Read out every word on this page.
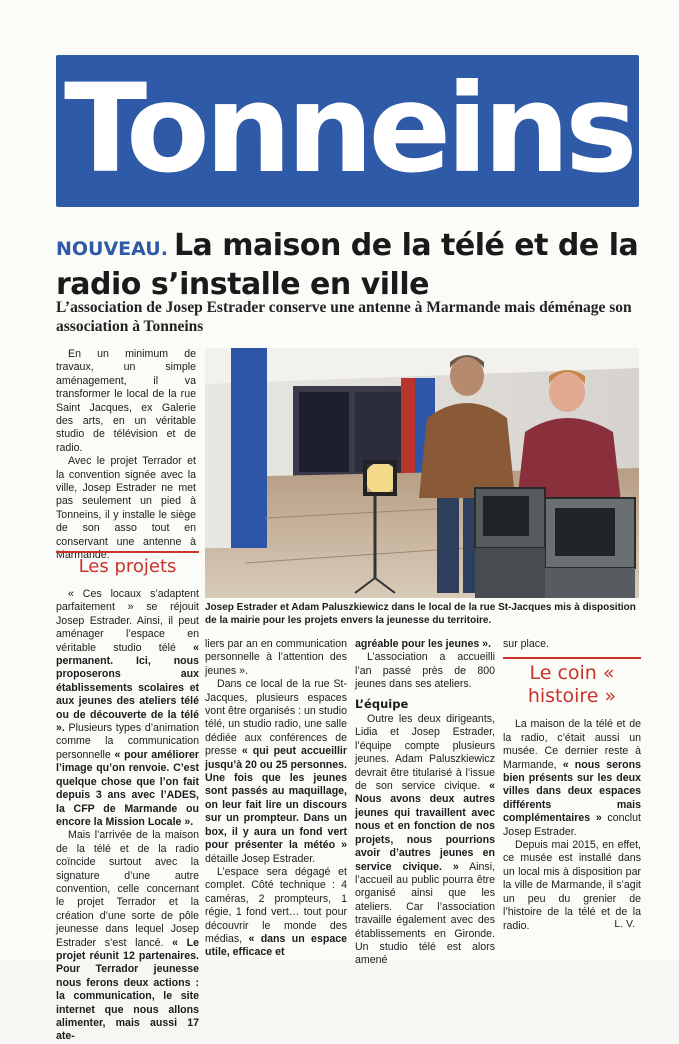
Tonneins
NOUVEAU. La maison de la télé et de la radio s’installe en ville
L’association de Josep Estrader conserve une antenne à Marmande mais déménage son association à Tonneins

En un minimum de travaux, un simple aménagement, il va transformer le local de la rue Saint Jacques, ex Galerie des arts, en un véritable studio de télévision et de radio.

Avec le projet Terrador et la convention signée avec la ville, Josep Estrader ne met pas seulement un pied à Tonneins, il y installe le siège de son asso tout en conservant une antenne à Marmande.

Les projets

« Ces locaux s’adaptent parfaitement » se réjouit Josep Estrader. Ainsi, il peut aménager l’espace en véritable studio télé « permanent. Ici, nous proposerons aux établissements scolaires et aux jeunes des ateliers télé ou de découverte de la télé ». Plusieurs types d’animation comme la communication personnelle « pour améliorer l’image qu’on renvoie. C’est quelque chose que l’on fait depuis 3 ans avec l’ADES, la CFP de Marmande ou encore la Mission Locale ».

Mais l’arrivée de la maison de la télé et de la radio coïncide surtout avec la signature d’une autre convention, celle concernant le projet Terrador et la création d’une sorte de pôle jeunesse dans lequel Josep Estrader s’est lancé. « Le projet réunit 12 partenaires. Pour Terrador jeunesse nous ferons deux actions : la communication, le site internet que nous allons alimenter, mais aussi 17 ate-

Josep Estrader et Adam Paluszkiewicz dans le local de la rue St-Jacques mis à disposition de la mairie pour les projets envers la jeunesse du territoire.

liers par an en communication personnelle à l’attention des jeunes ».

Dans ce local de la rue St-Jacques, plusieurs espaces vont être organisés : un studio télé, un studio radio, une salle dédiée aux conférences de presse « qui peut accueillir jusqu’à 20 ou 25 personnes. Une fois que les jeunes sont passés au maquillage, on leur fait lire un discours sur un prompteur. Dans un box, il y aura un fond vert pour présenter la météo » détaille Josep Estrader.

L’espace sera dégagé et complet. Côté technique : 4 caméras, 2 prompteurs, 1 régie, 1 fond vert… tout pour découvrir le monde des médias, « dans un espace utile, efficace et

agréable pour les jeunes ».

L’association a accueilli l’an passé près de 800 jeunes dans ses ateliers.

L’équipe

Outre les deux dirigeants, Lidia et Josep Estrader, l’équipe compte plusieurs jeunes. Adam Paluszkiewicz devrait être titularisé à l’issue de son service civique. « Nous avons deux autres jeunes qui travaillent avec nous et en fonction de nos projets, nous pourrions avoir d’autres jeunes en service civique. » Ainsi, l’accueil au public pourra être organisé ainsi que les ateliers. Car l’association travaille également avec des établissements en Gironde. Un studio télé est alors amené

sur place.

Le coin « histoire »

La maison de la télé et de la radio, c’était aussi un musée. Ce dernier reste à Marmande, « nous serons bien présents sur les deux villes dans deux espaces différents mais complémentaires » conclut Josep Estrader.

Depuis mai 2015, en effet, ce musée est installé dans un local mis à disposition par la ville de Marmande, il s’agit un peu du grenier de l’histoire de la télé et de la radio.	L. V.
